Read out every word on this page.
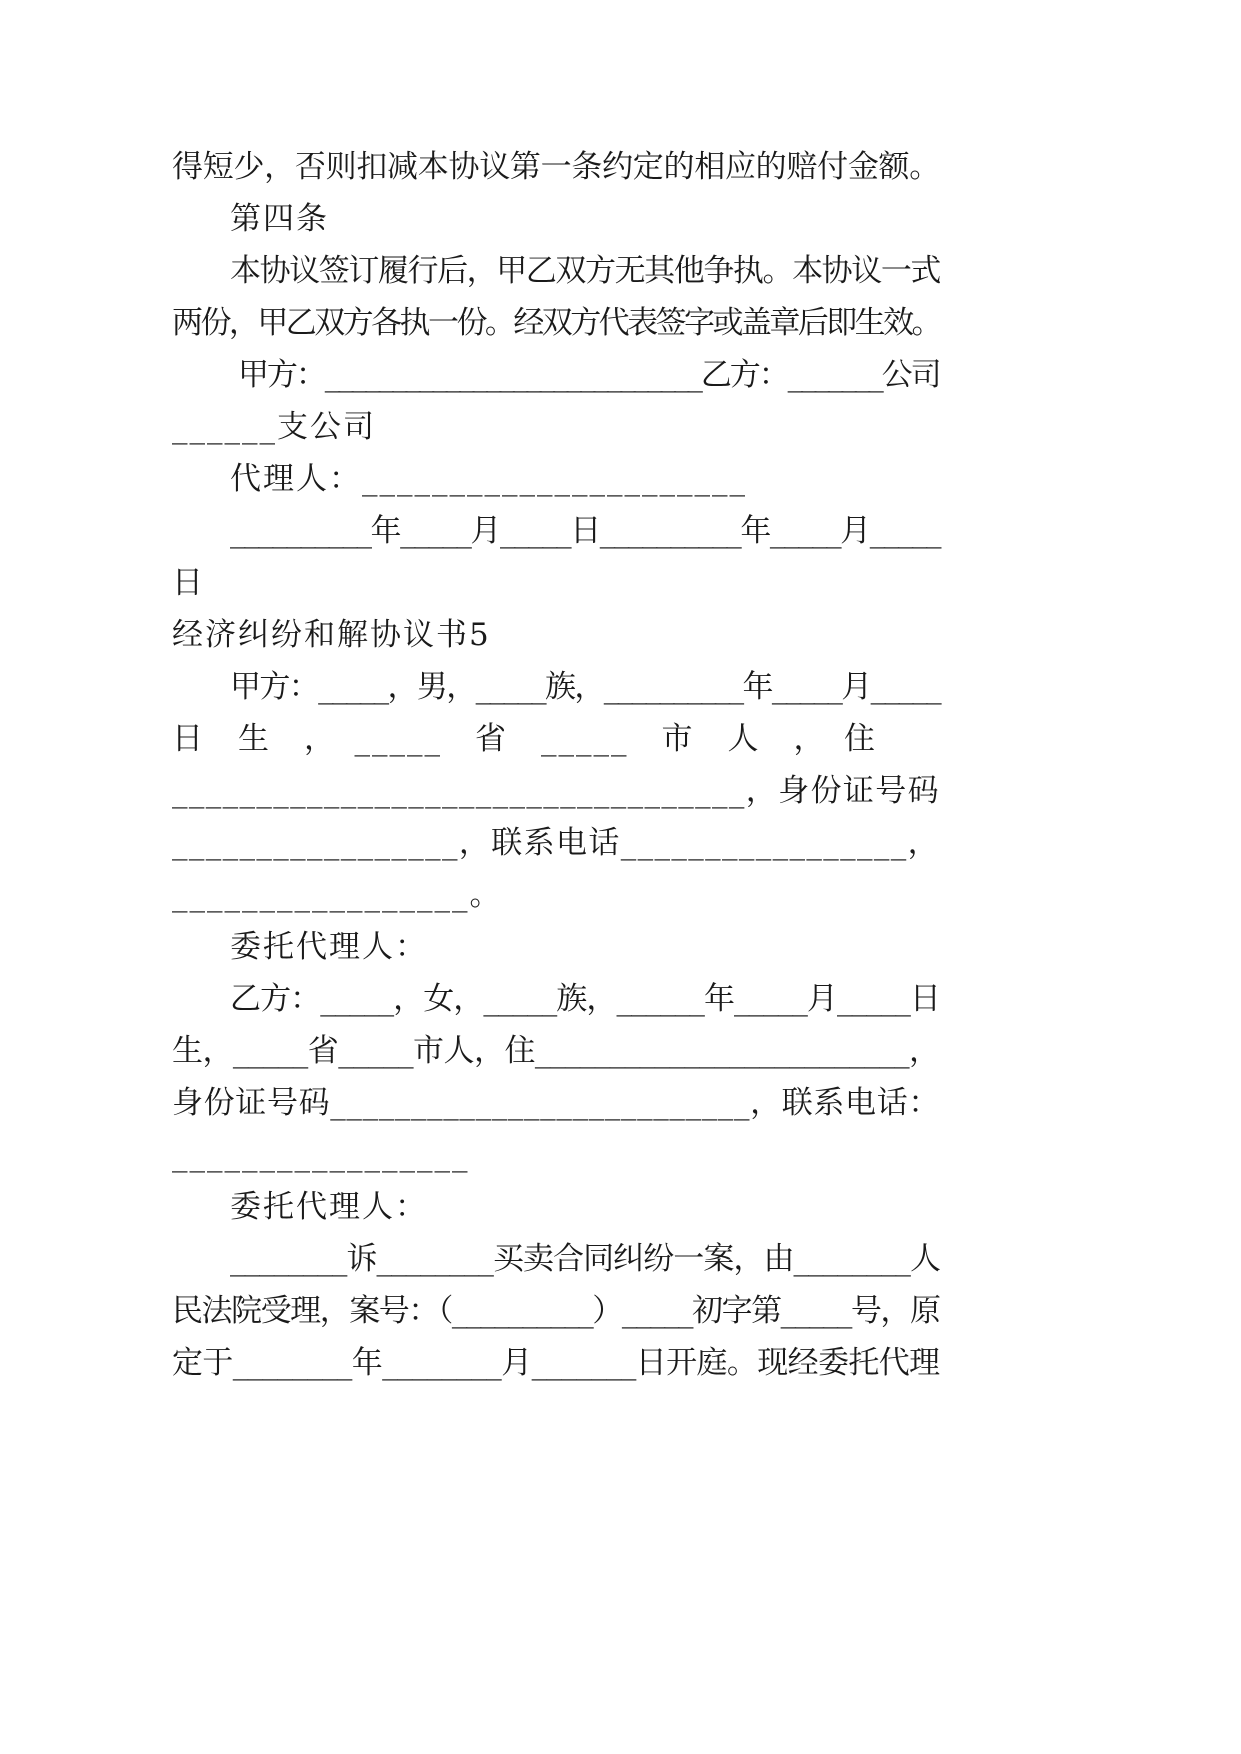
得短少，否则扣减本协议第一条约定的相应的赔付金额。
第四条
本协议签订履行后，甲乙双方无其他争执。本协议一式
两份，甲乙双方各执一份。经双方代表签字或盖章后即生效。
甲方：____________________________乙方：_______公司
______支公司
代理人：______________________
__________年_____月_____日__________年_____月_____
日
经济纠纷和解协议书5
甲方：_____，男，_____族，__________年_____月_____
日　生　，　_____　省　_____　市　人　，　住
__________________________________，身份证号码
_________________，联系电话_________________，
_________________。
委托代理人：
乙方：_____，女，_____族，______年_____月_____日
生，_____省_____市人，住_________________________，
身份证号码__________________________，联系电话：
_________________
委托代理人：
________诉________买卖合同纠纷一案，由________人
民法院受理，案号：（__________）_____初字第_____号，原
定于________年________月_______日开庭。现经委托代理
